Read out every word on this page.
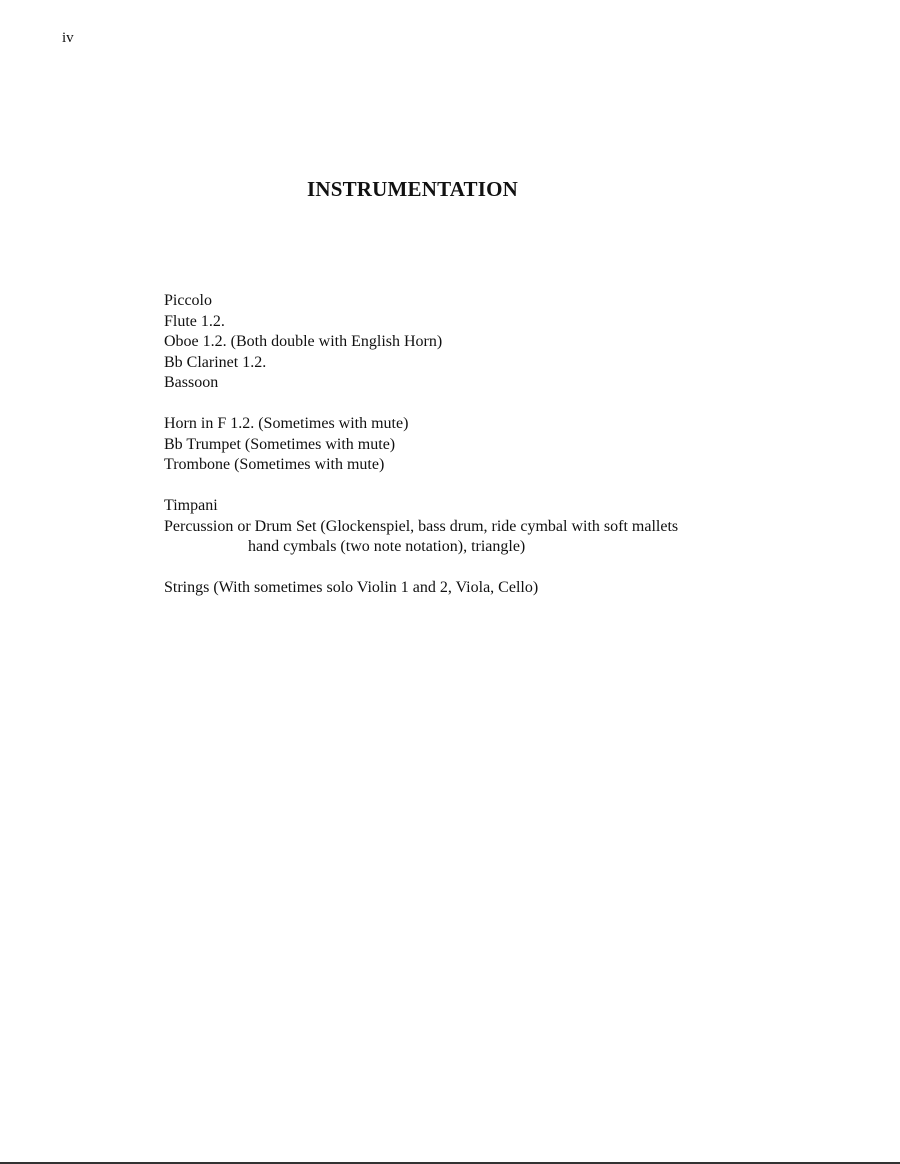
iv
INSTRUMENTATION
Piccolo
Flute 1.2.
Oboe 1.2. (Both double with English Horn)
Bb Clarinet 1.2.
Bassoon
Horn in F 1.2. (Sometimes with mute)
Bb Trumpet (Sometimes with mute)
Trombone (Sometimes with mute)
Timpani
Percussion or Drum Set (Glockenspiel, bass drum, ride cymbal with soft mallets
hand cymbals (two note notation), triangle)
Strings (With sometimes solo Violin 1 and 2, Viola, Cello)
